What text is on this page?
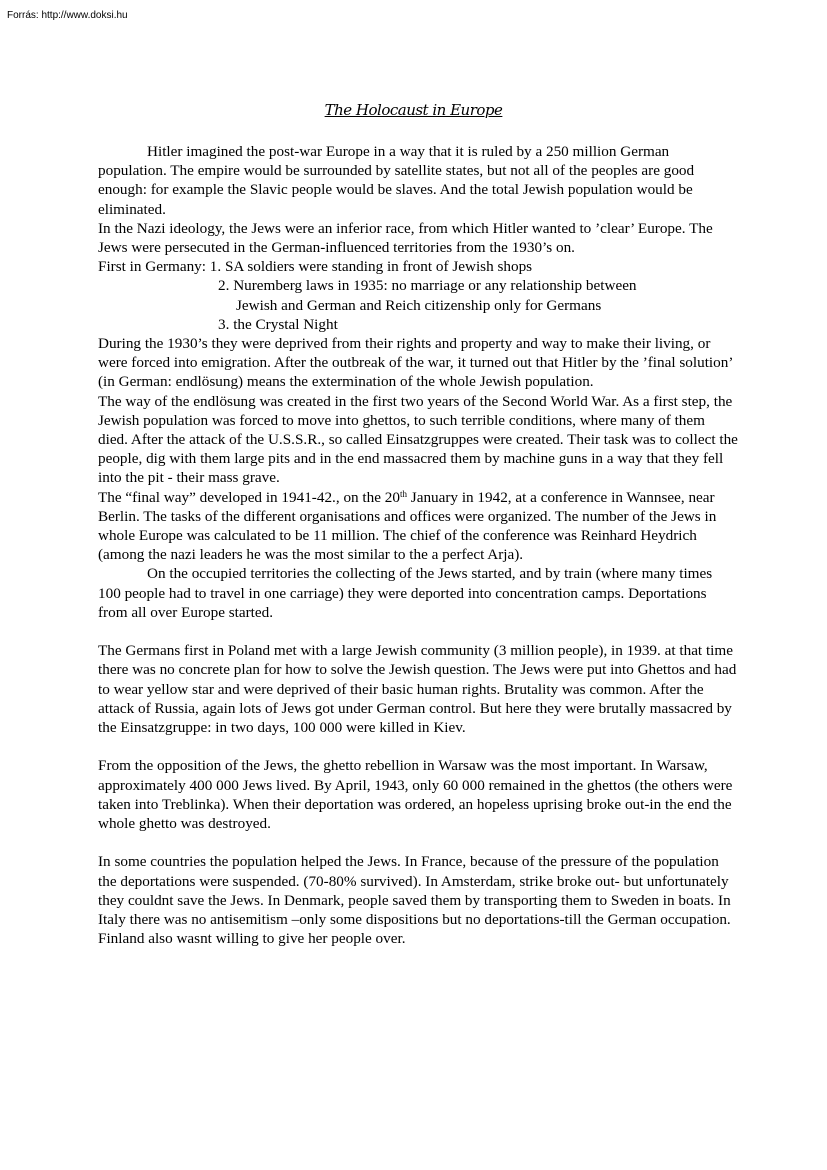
Forrás: http://www.doksi.hu
The Holocaust in Europe

Hitler imagined the post-war Europe in a way that it is ruled by a 250 million German population. The empire would be surrounded by satellite states, but not all of the peoples are good enough: for example the Slavic people would be slaves. And the total Jewish population would be eliminated.

In the Nazi ideology, the Jews were an inferior race, from which Hitler wanted to ’clear’ Europe. The Jews were persecuted in the German-influenced territories from the 1930’s on.

First in Germany: 1. SA soldiers were standing in front of Jewish shops

2. Nuremberg laws in 1935: no marriage or any relationship between

Jewish and German and Reich citizenship only for Germans

3. the Crystal Night

During the 1930’s they were deprived from their rights and property and way to make their living, or were forced into emigration. After the outbreak of the war, it turned out that Hitler by the ’final solution’ (in German: endlösung) means the extermination of the whole Jewish population.

The way of the endlösung was created in the first two years of the Second World War. As a first step, the Jewish population was forced to move into ghettos, to such terrible conditions, where many of them died. After the attack of the U.S.S.R., so called Einsatzgruppes were created. Their task was to collect the people, dig with them large pits and in the end massacred them by machine guns in a way that they fell into the pit - their mass grave.

The “final way” developed in 1941-42., on the 20th January in 1942, at a conference in Wannsee, near Berlin. The tasks of the different organisations and offices were organized. The number of the Jews in whole Europe was calculated to be 11 million. The chief of the conference was Reinhard Heydrich (among the nazi leaders he was the most similar to the a perfect Arja).

On the occupied territories the collecting of the Jews started, and by train (where many times 100 people had to travel in one carriage) they were deported into concentration camps. Deportations from all over Europe started.

The Germans first in Poland met with a large Jewish community (3 million people), in 1939. at that time there was no concrete plan for how to solve the Jewish question. The Jews were put into Ghettos and had to wear yellow star and were deprived of their basic human rights. Brutality was common. After the attack of Russia, again lots of Jews got under German control. But here they were brutally massacred by the Einsatzgruppe: in two days, 100 000 were killed in Kiev.

From the opposition of the Jews, the ghetto rebellion in Warsaw was the most important. In Warsaw, approximately 400 000 Jews lived. By April, 1943, only 60 000 remained in the ghettos (the others were taken into Treblinka). When their deportation was ordered, an hopeless uprising broke out-in the end the whole ghetto was destroyed.

In some countries the population helped the Jews. In France, because of the pressure of the population the deportations were suspended. (70-80% survived). In Amsterdam, strike broke out- but unfortunately they couldnt save the Jews. In Denmark, people saved them by transporting them to Sweden in boats. In Italy there was no antisemitism –only some dispositions but no deportations-till the German occupation. Finland also wasnt willing to give her people over.
